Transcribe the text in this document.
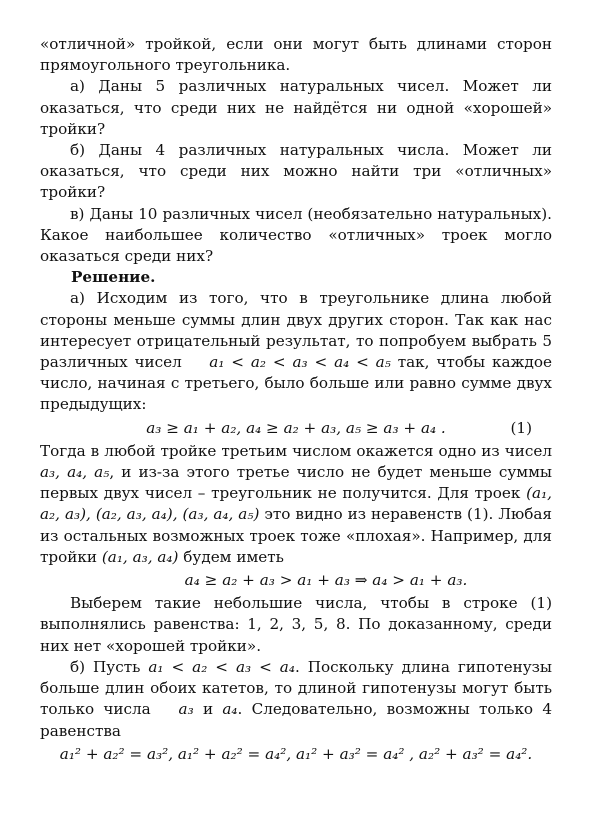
«отличной» тройкой, если они могут быть длинами сторон прямоугольного треугольника.

а) Даны 5 различных натуральных чисел. Может ли оказаться, что среди них не найдётся ни одной «хорошей» тройки?

б) Даны 4 различных натуральных числа. Может ли оказаться, что среди них можно найти три «отличных» тройки?

в) Даны 10 различных чисел (необязательно натуральных). Какое наибольшее количество «отличных» троек могло оказаться среди них?

Решение.

а) Исходим из того, что в треугольнике длина любой стороны меньше суммы длин двух других сторон. Так как нас интересует отрицательный результат, то попробуем выбрать 5 различных чисел a₁ < a₂ < a₃ < a₄ < a₅ так, чтобы каждое число, начиная с третьего, было больше или равно сумме двух предыдущих:

a₃ ≥ a₁ + a₂, a₄ ≥ a₂ + a₃, a₅ ≥ a₃ + a₄ .	(1)

Тогда в любой тройке третьим числом окажется одно из чисел a₃, a₄, a₅, и из-за этого третье число не будет меньше суммы первых двух чисел – треугольник не получится. Для троек (a₁, a₂, a₃), (a₂, a₃, a₄), (a₃, a₄, a₅) это видно из неравенств (1). Любая из остальных возможных троек тоже «плохая». Например, для тройки (a₁, a₃, a₄) будем иметь

a₄ ≥ a₂ + a₃ > a₁ + a₃ ⇒ a₄ > a₁ + a₃.

Выберем такие небольшие числа, чтобы в строке (1) выполнялись равенства: 1, 2, 3, 5, 8. По доказанному, среди них нет «хорошей тройки».

б) Пусть a₁ < a₂ < a₃ < a₄. Поскольку длина гипотенузы больше длин обоих катетов, то длиной гипотенузы могут быть только числа a₃ и a₄. Следовательно, возможны только 4 равенства

a₁² + a₂² = a₃², a₁² + a₂² = a₄², a₁² + a₃² = a₄² , a₂² + a₃² = a₄².
